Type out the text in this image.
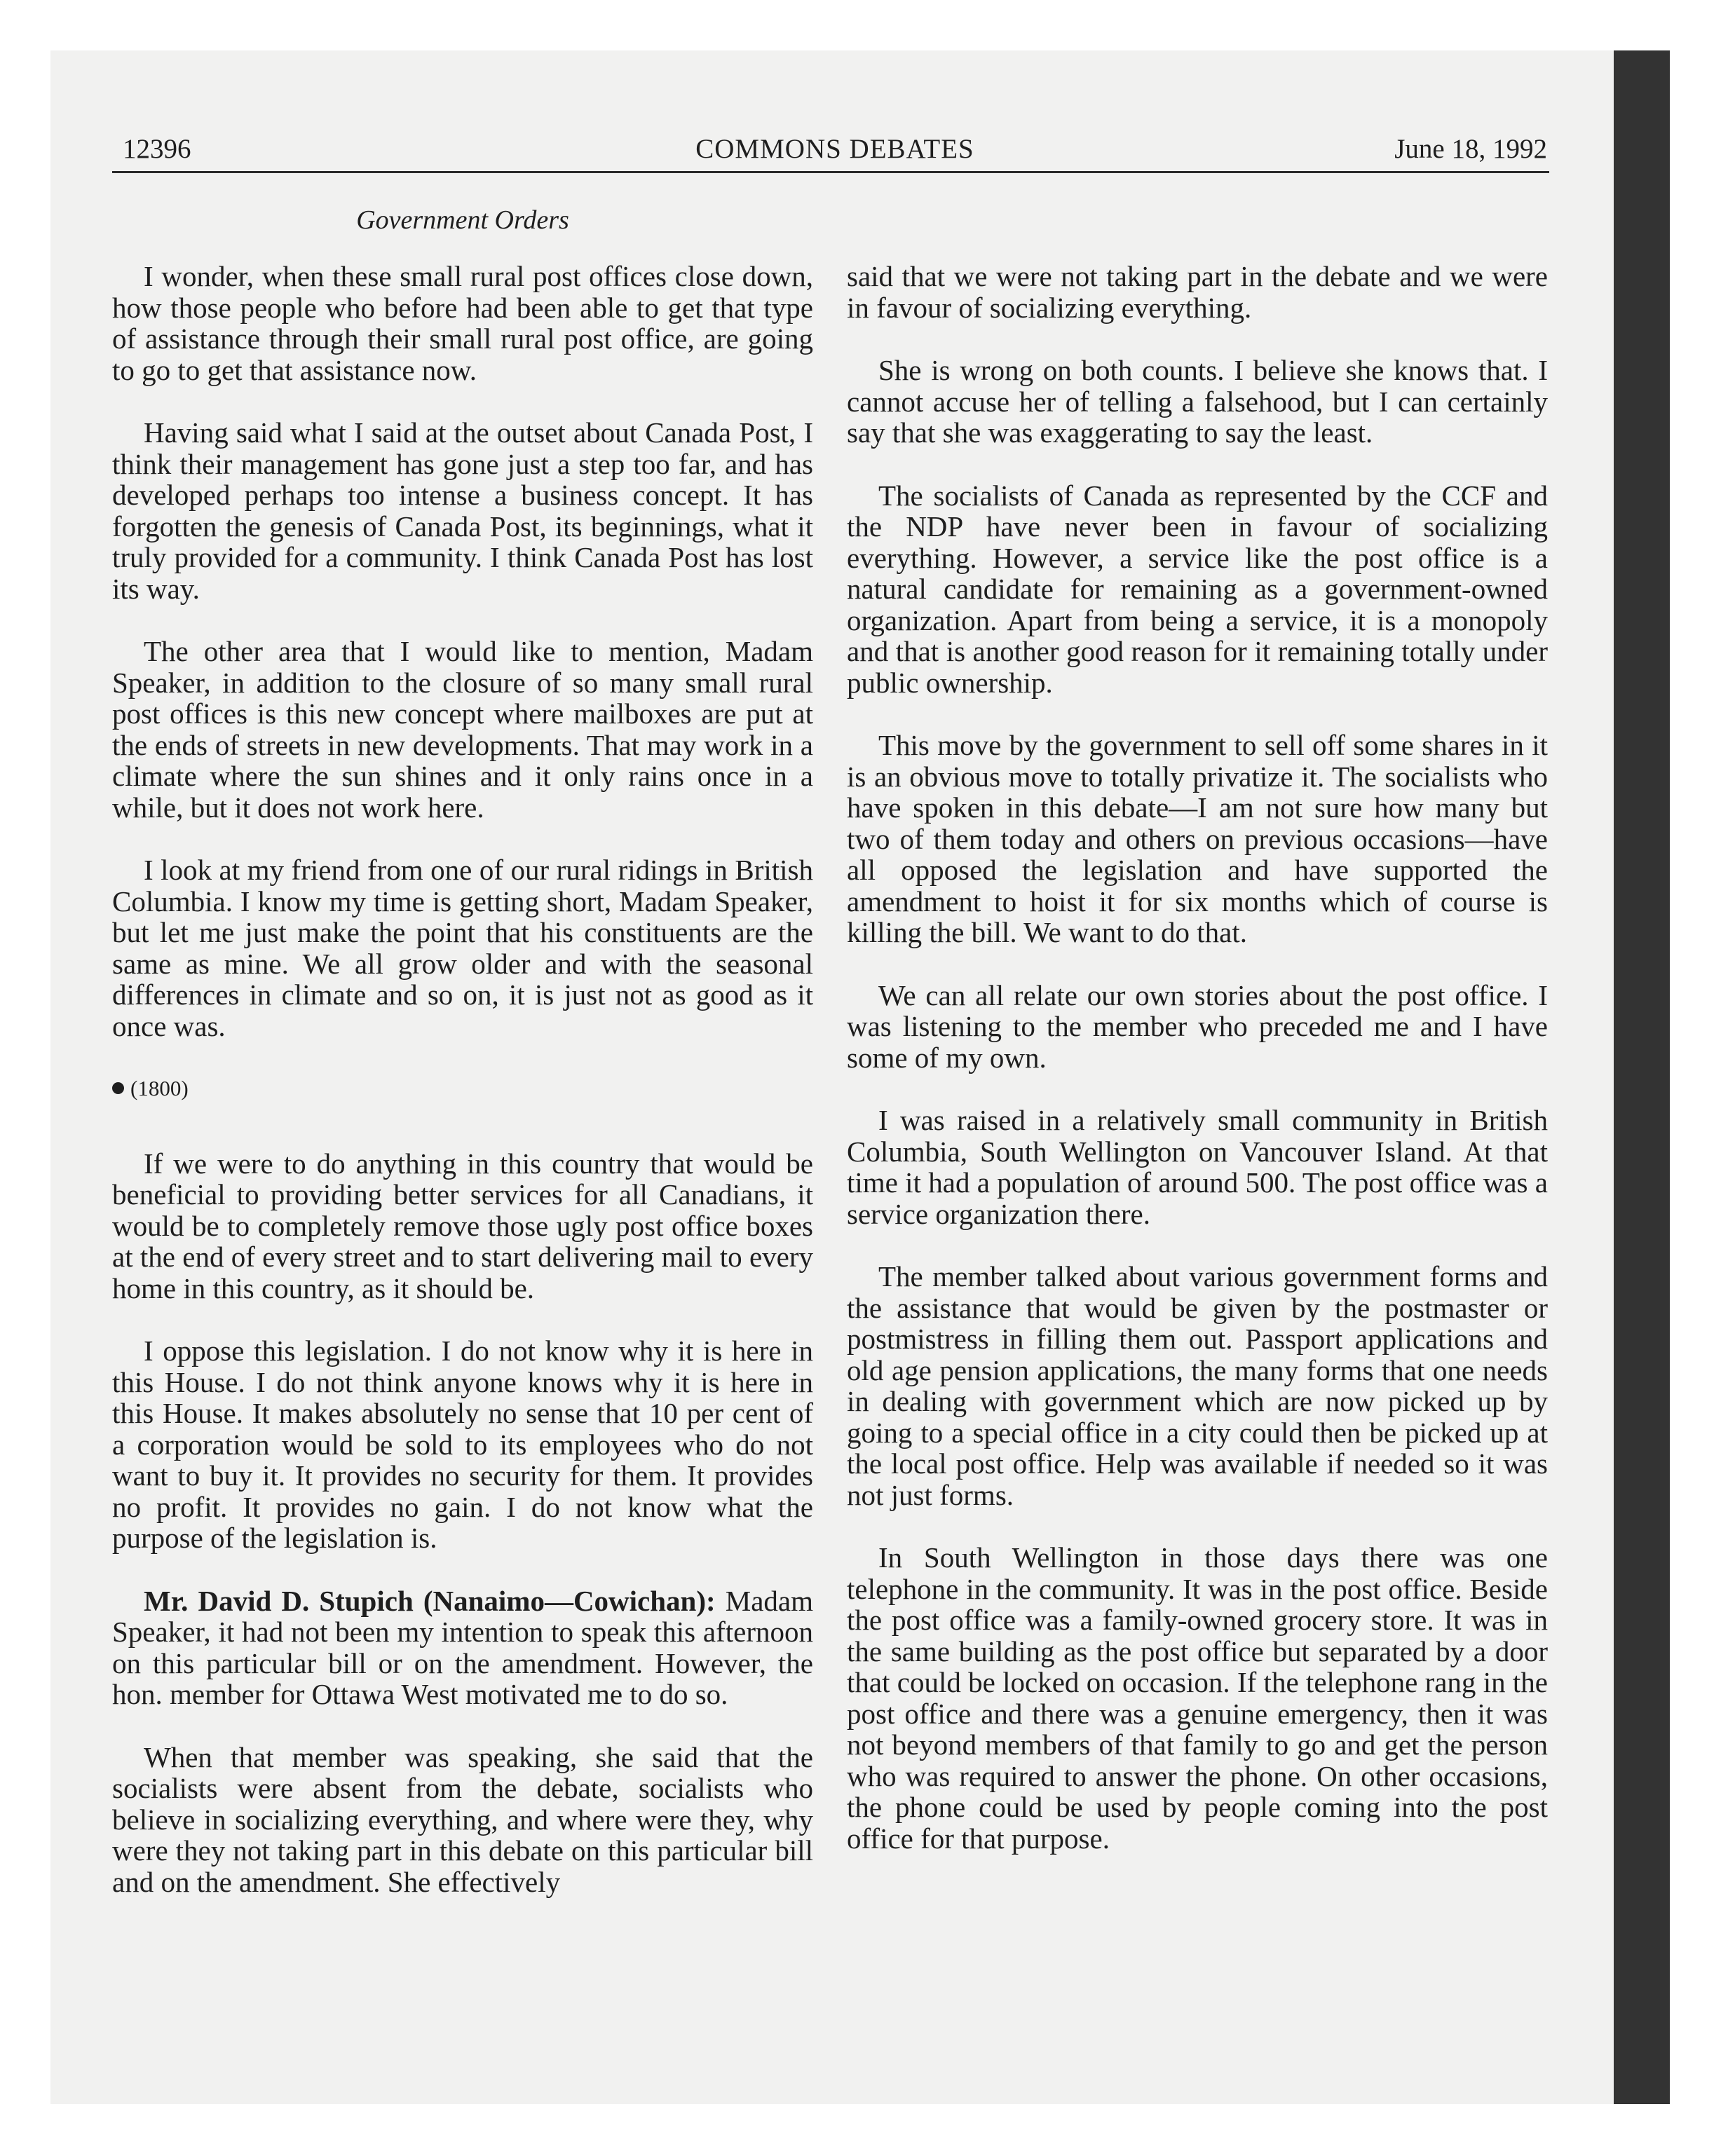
12396	COMMONS DEBATES	June 18, 1992
Government Orders

I wonder, when these small rural post offices close down, how those people who before had been able to get that type of assistance through their small rural post office, are going to go to get that assistance now.

Having said what I said at the outset about Canada Post, I think their management has gone just a step too far, and has developed perhaps too intense a business concept. It has forgotten the genesis of Canada Post, its beginnings, what it truly provided for a community. I think Canada Post has lost its way.

The other area that I would like to mention, Madam Speaker, in addition to the closure of so many small rural post offices is this new concept where mailboxes are put at the ends of streets in new developments. That may work in a climate where the sun shines and it only rains once in a while, but it does not work here.

I look at my friend from one of our rural ridings in British Columbia. I know my time is getting short, Madam Speaker, but let me just make the point that his constituents are the same as mine. We all grow older and with the seasonal differences in climate and so on, it is just not as good as it once was.

(1800)

If we were to do anything in this country that would be beneficial to providing better services for all Canadians, it would be to completely remove those ugly post office boxes at the end of every street and to start delivering mail to every home in this country, as it should be.

I oppose this legislation. I do not know why it is here in this House. I do not think anyone knows why it is here in this House. It makes absolutely no sense that 10 per cent of a corporation would be sold to its employees who do not want to buy it. It provides no security for them. It provides no profit. It provides no gain. I do not know what the purpose of the legislation is.

Mr. David D. Stupich (Nanaimo—Cowichan): Madam Speaker, it had not been my intention to speak this afternoon on this particular bill or on the amendment. However, the hon. member for Ottawa West motivated me to do so.

When that member was speaking, she said that the socialists were absent from the debate, socialists who believe in socializing everything, and where were they, why were they not taking part in this debate on this particular bill and on the amendment. She effectively

said that we were not taking part in the debate and we were in favour of socializing everything.

She is wrong on both counts. I believe she knows that. I cannot accuse her of telling a falsehood, but I can certainly say that she was exaggerating to say the least.

The socialists of Canada as represented by the CCF and the NDP have never been in favour of socializing everything. However, a service like the post office is a natural candidate for remaining as a government-owned organization. Apart from being a service, it is a monopoly and that is another good reason for it remaining totally under public ownership.

This move by the government to sell off some shares in it is an obvious move to totally privatize it. The socialists who have spoken in this debate—I am not sure how many but two of them today and others on previous occasions—have all opposed the legislation and have supported the amendment to hoist it for six months which of course is killing the bill. We want to do that.

We can all relate our own stories about the post office. I was listening to the member who preceded me and I have some of my own.

I was raised in a relatively small community in British Columbia, South Wellington on Vancouver Island. At that time it had a population of around 500. The post office was a service organization there.

The member talked about various government forms and the assistance that would be given by the postmaster or postmistress in filling them out. Passport applications and old age pension applications, the many forms that one needs in dealing with government which are now picked up by going to a special office in a city could then be picked up at the local post office. Help was available if needed so it was not just forms.

In South Wellington in those days there was one telephone in the community. It was in the post office. Beside the post office was a family-owned grocery store. It was in the same building as the post office but separated by a door that could be locked on occasion. If the telephone rang in the post office and there was a genuine emergency, then it was not beyond members of that family to go and get the person who was required to answer the phone. On other occasions, the phone could be used by people coming into the post office for that purpose.
